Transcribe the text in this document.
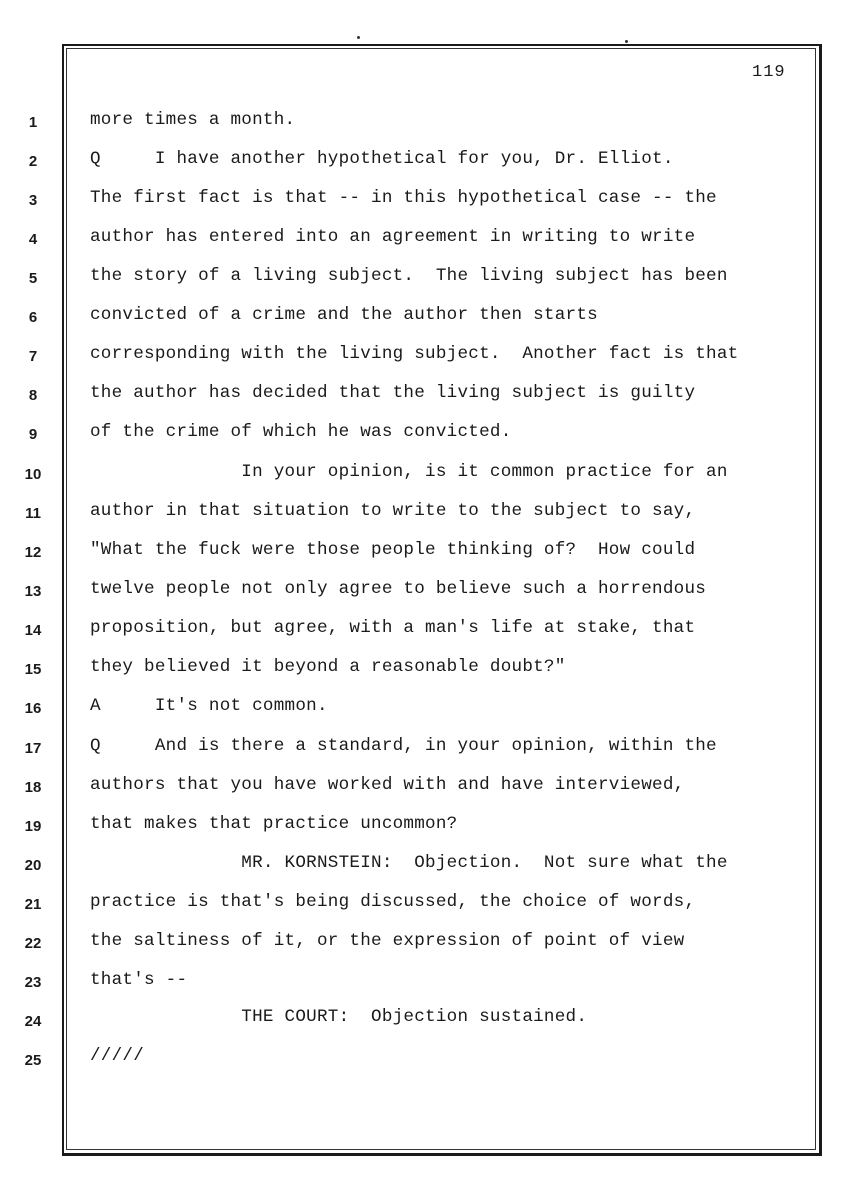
119
1	more times a month.
2	Q     I have another hypothetical for you, Dr. Elliot.
3	The first fact is that -- in this hypothetical case -- the
4	author has entered into an agreement in writing to write
5	the story of a living subject.  The living subject has been
6	convicted of a crime and the author then starts
7	corresponding with the living subject.  Another fact is that
8	the author has decided that the living subject is guilty
9	of the crime of which he was convicted.
10	In your opinion, is it common practice for an
11	author in that situation to write to the subject to say,
12	"What the fuck were those people thinking of?  How could
13	twelve people not only agree to believe such a horrendous
14	proposition, but agree, with a man's life at stake, that
15	they believed it beyond a reasonable doubt?"
16	A     It's not common.
17	Q     And is there a standard, in your opinion, within the
18	authors that you have worked with and have interviewed,
19	that makes that practice uncommon?
20	MR. KORNSTEIN:  Objection.  Not sure what the
21	practice is that's being discussed, the choice of words,
22	the saltiness of it, or the expression of point of view
23	that's --
24	THE COURT:  Objection sustained.
25	/////
